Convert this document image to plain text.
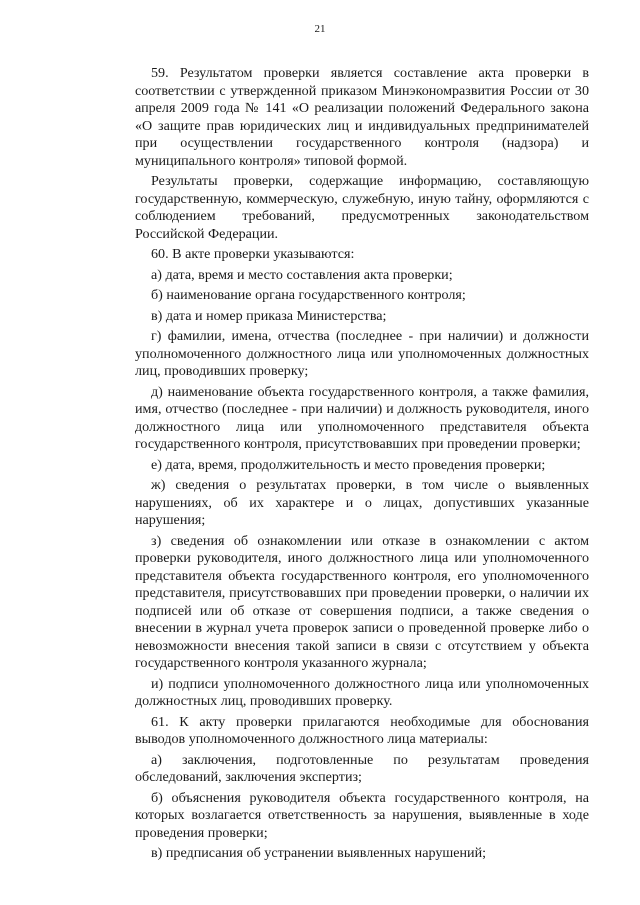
21

59. Результатом проверки является составление акта проверки в соответствии с утвержденной приказом Минэкономразвития России от 30 апреля 2009 года № 141 «О реализации положений Федерального закона «О защите прав юридических лиц и индивидуальных предпринимателей при осуществлении государственного контроля (надзора) и муниципального контроля» типовой формой.

Результаты проверки, содержащие информацию, составляющую государственную, коммерческую, служебную, иную тайну, оформляются с соблюдением требований, предусмотренных законодательством Российской Федерации.

60. В акте проверки указываются:

а) дата, время и место составления акта проверки;

б) наименование органа государственного контроля;

в) дата и номер приказа Министерства;

г) фамилии, имена, отчества (последнее - при наличии) и должности уполномоченного должностного лица или уполномоченных должностных лиц, проводивших проверку;

д) наименование объекта государственного контроля, а также фамилия, имя, отчество (последнее - при наличии) и должность руководителя, иного должностного лица или уполномоченного представителя объекта государственного контроля, присутствовавших при проведении проверки;

е) дата, время, продолжительность и место проведения проверки;

ж) сведения о результатах проверки, в том числе о выявленных нарушениях, об их характере и о лицах, допустивших указанные нарушения;

з) сведения об ознакомлении или отказе в ознакомлении с актом проверки руководителя, иного должностного лица или уполномоченного представителя объекта государственного контроля, его уполномоченного представителя, присутствовавших при проведении проверки, о наличии их подписей или об отказе от совершения подписи, а также сведения о внесении в журнал учета проверок записи о проведенной проверке либо о невозможности внесения такой записи в связи с отсутствием у объекта государственного контроля указанного журнала;

и) подписи уполномоченного должностного лица или уполномоченных должностных лиц, проводивших проверку.

61. К акту проверки прилагаются необходимые для обоснования выводов уполномоченного должностного лица материалы:

а) заключения, подготовленные по результатам проведения обследований, заключения экспертиз;

б) объяснения руководителя объекта государственного контроля, на которых возлагается ответственность за нарушения, выявленные в ходе проведения проверки;

в) предписания об устранении выявленных нарушений;
